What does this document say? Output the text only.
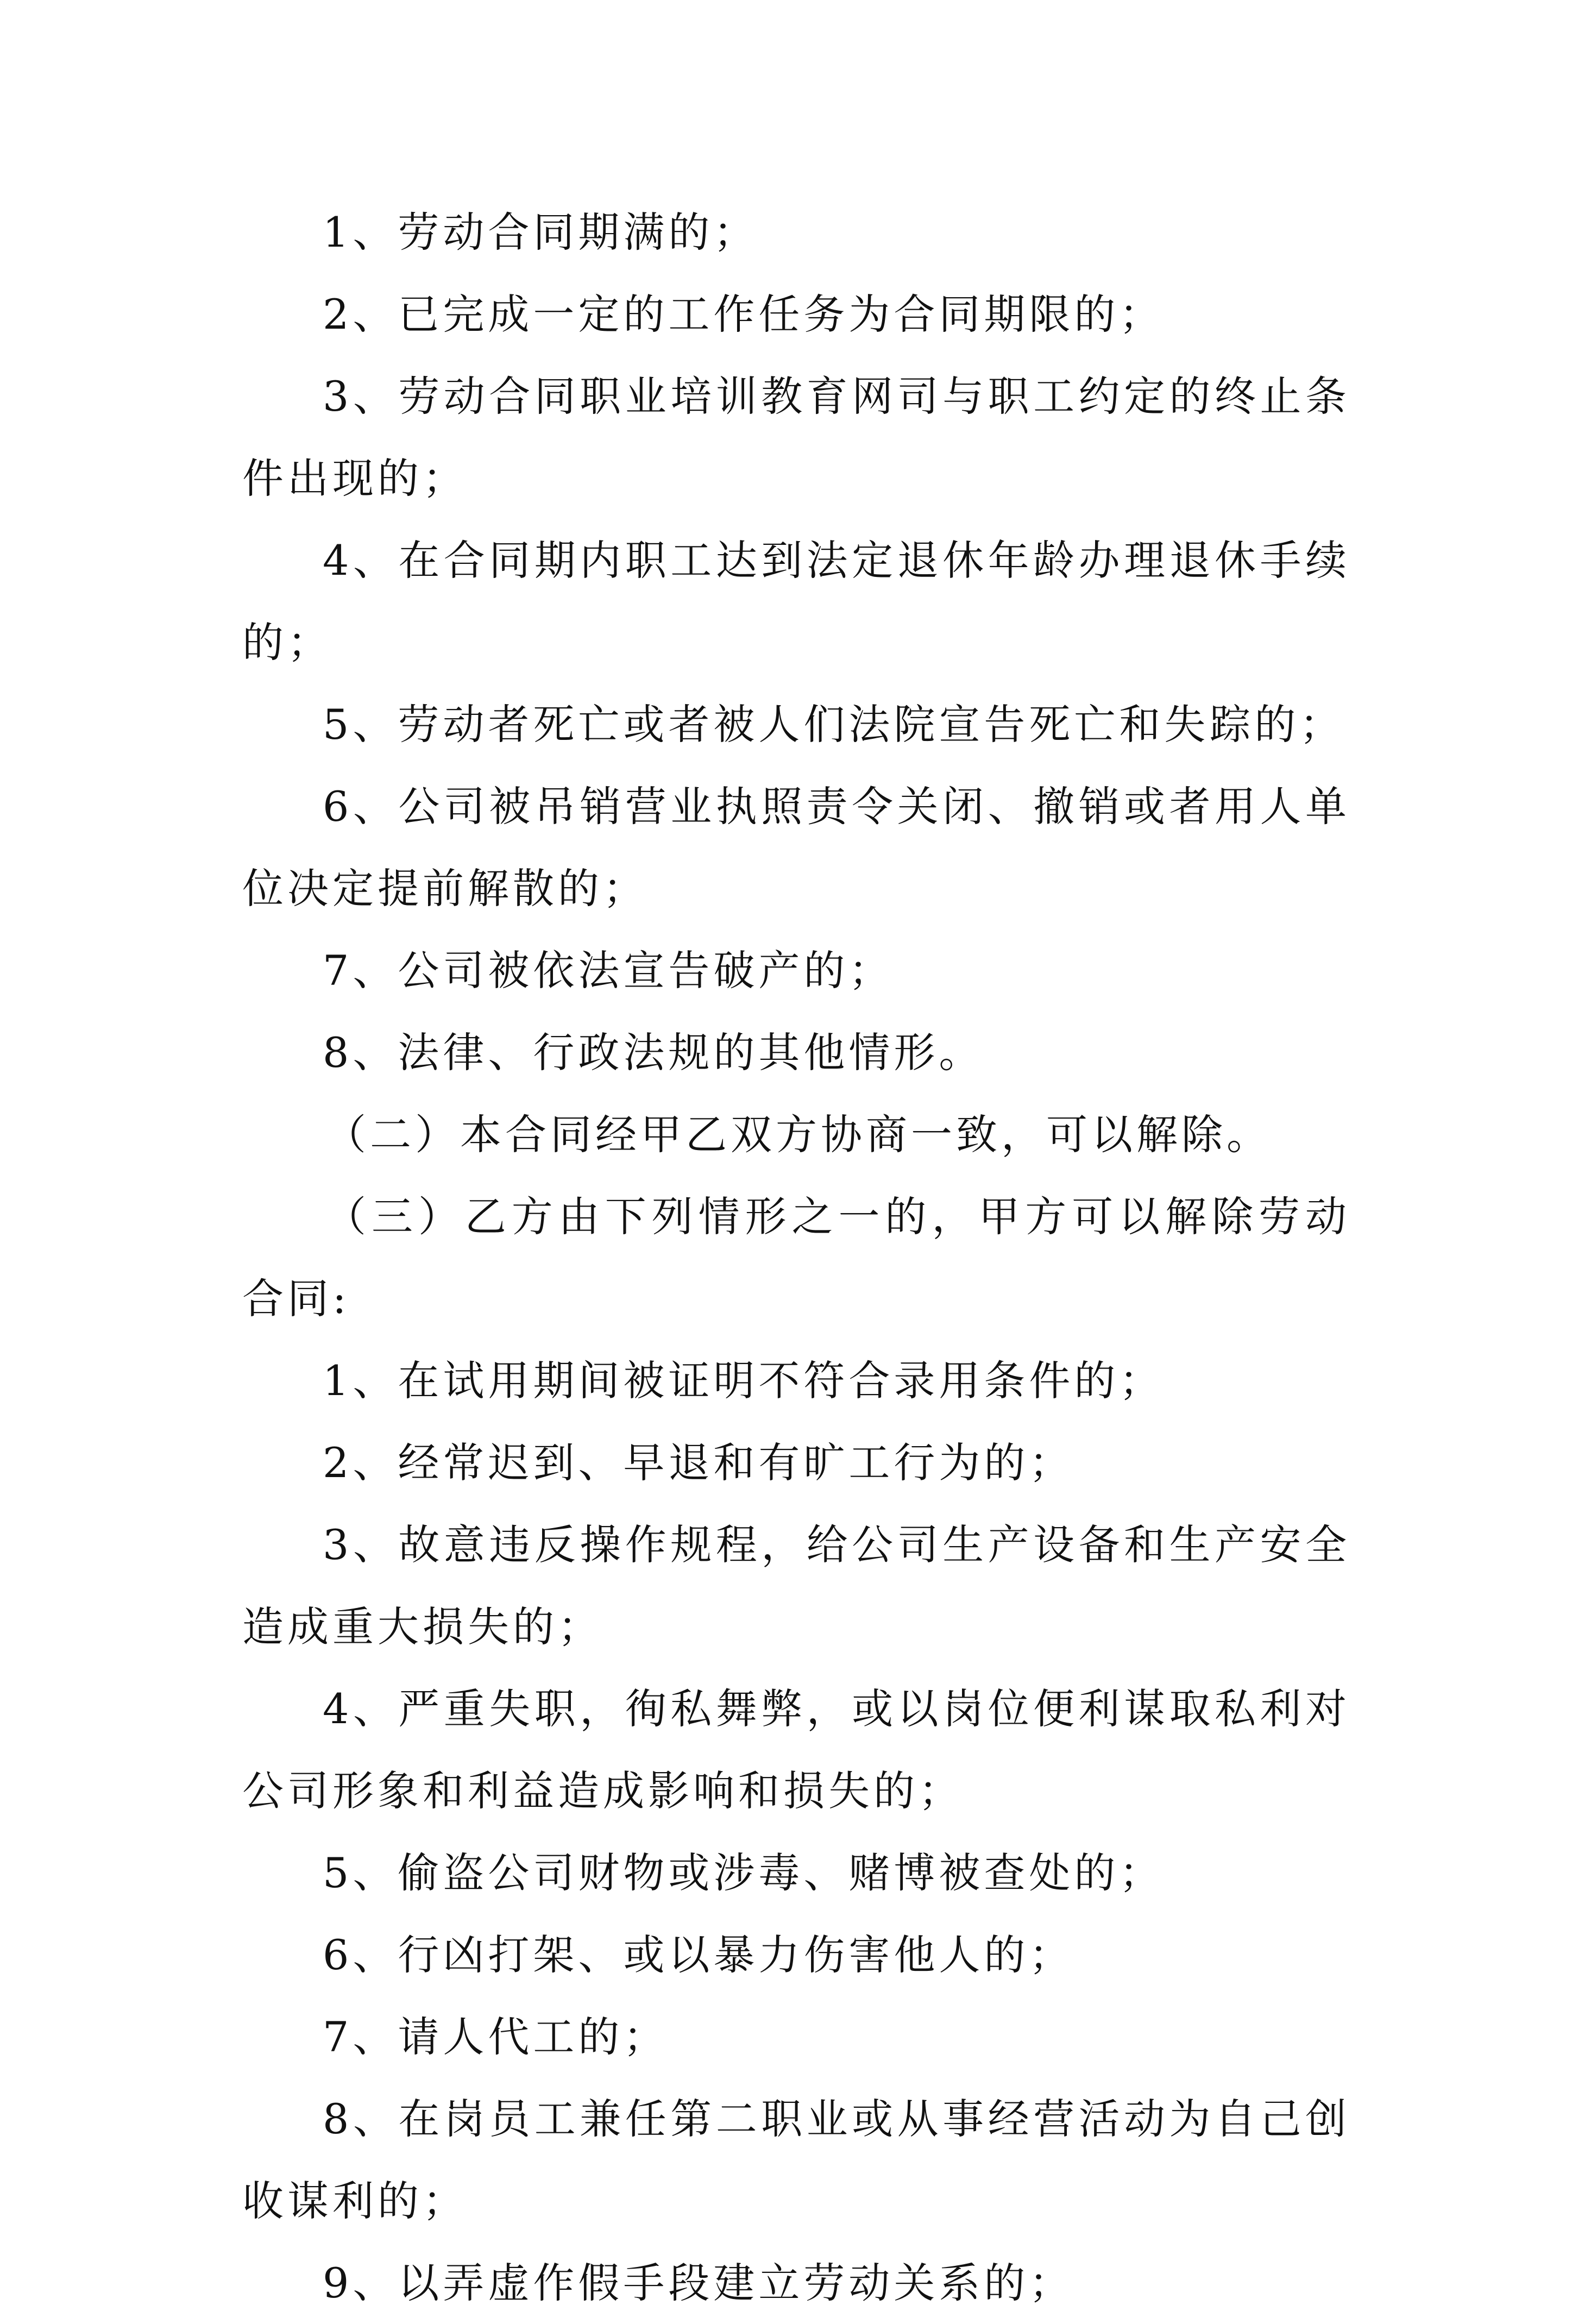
1、劳动合同期满的；

2、已完成一定的工作任务为合同期限的；

3、劳动合同职业培训教育网司与职工约定的终止条件出现的；

4、在合同期内职工达到法定退休年龄办理退休手续的；

5、劳动者死亡或者被人们法院宣告死亡和失踪的；

6、公司被吊销营业执照责令关闭、撤销或者用人单位决定提前解散的；

7、公司被依法宣告破产的；

8、法律、行政法规的其他情形。

（二）本合同经甲乙双方协商一致，可以解除。

（三）乙方由下列情形之一的，甲方可以解除劳动合同:

1、在试用期间被证明不符合录用条件的；

2、经常迟到、早退和有旷工行为的；

3、故意违反操作规程，给公司生产设备和生产安全造成重大损失的；

4、严重失职，徇私舞弊，或以岗位便利谋取私利对公司形象和利益造成影响和损失的；

5、偷盗公司财物或涉毒、赌博被查处的；

6、行凶打架、或以暴力伤害他人的；

7、请人代工的；

8、在岗员工兼任第二职业或从事经营活动为自己创收谋利的；

9、以弄虚作假手段建立劳动关系的；
